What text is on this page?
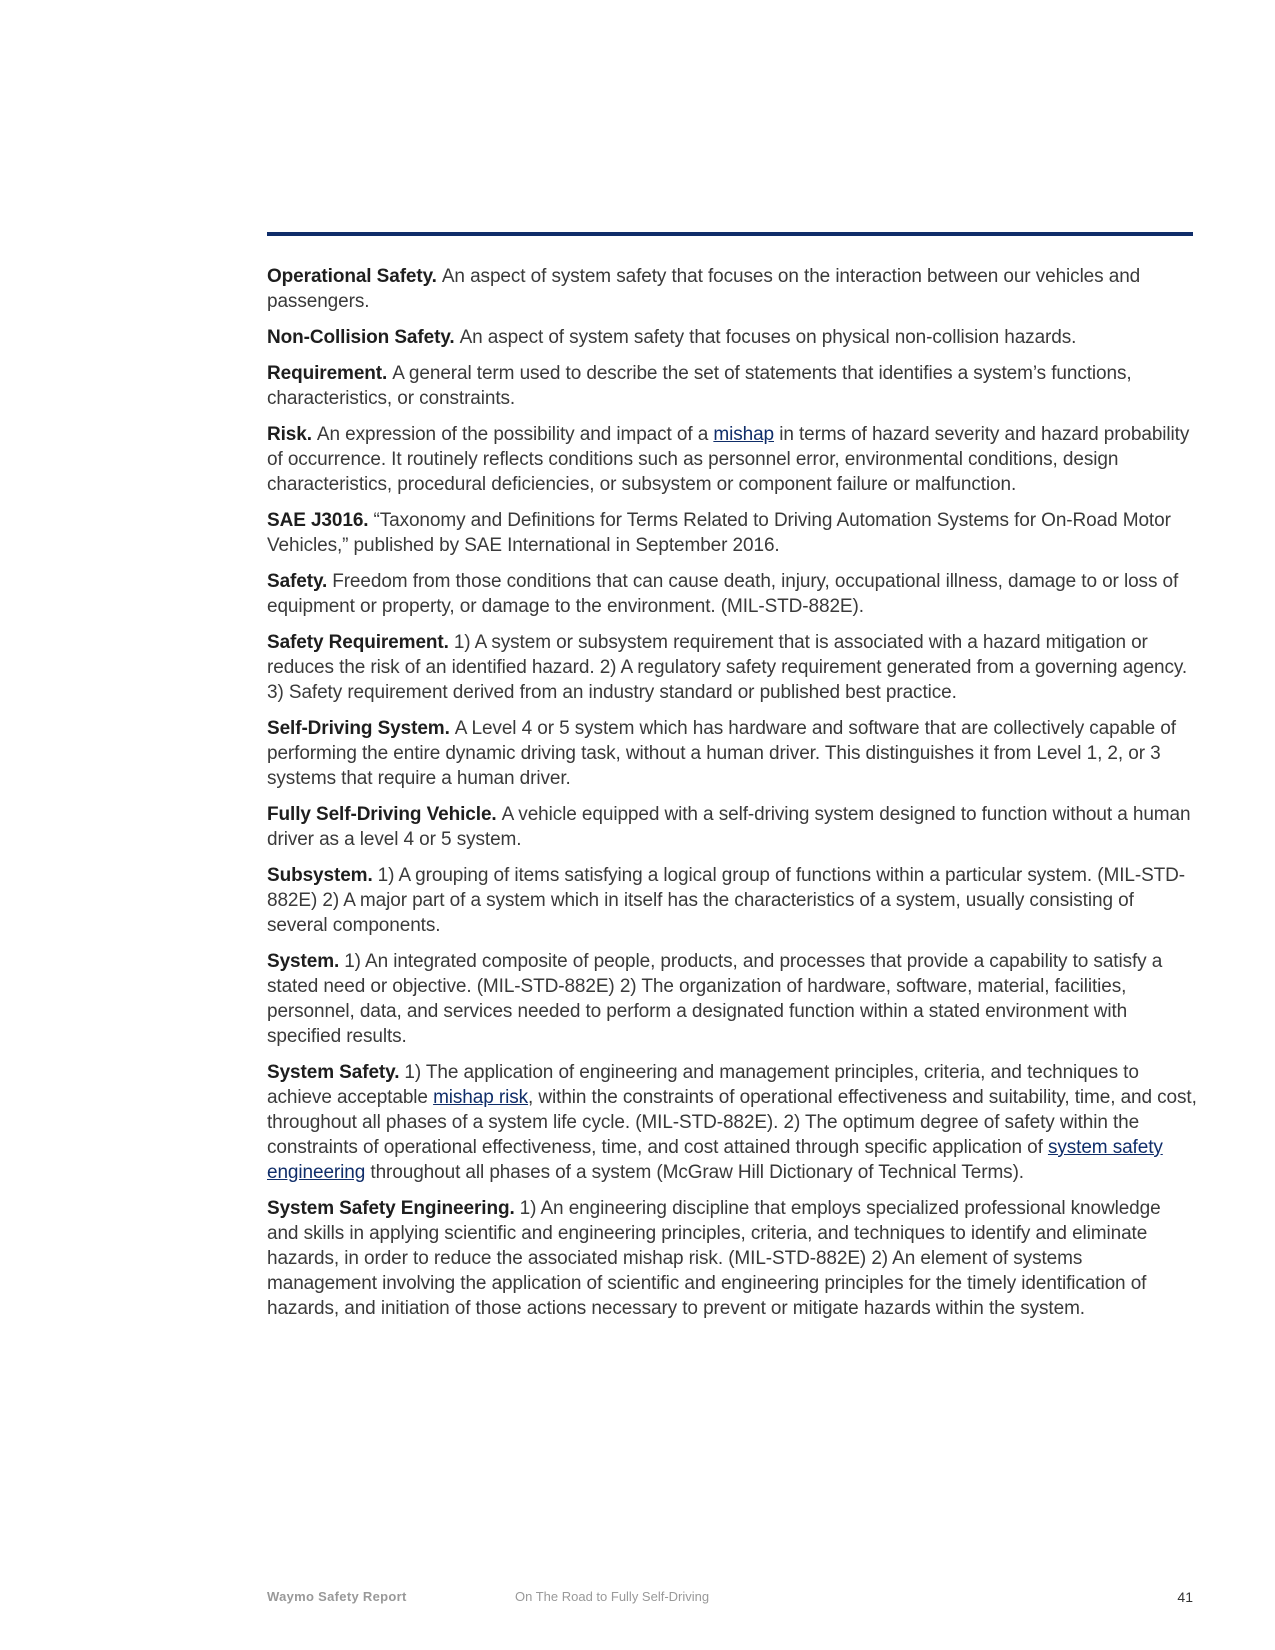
Operational Safety. An aspect of system safety that focuses on the interaction between our vehicles and passengers.

Non-Collision Safety. An aspect of system safety that focuses on physical non-collision hazards.

Requirement. A general term used to describe the set of statements that identifies a system’s functions, characteristics, or constraints.

Risk. An expression of the possibility and impact of a mishap in terms of hazard severity and hazard probability of occurrence. It routinely reflects conditions such as personnel error, environmental conditions, design characteristics, procedural deficiencies, or subsystem or component failure or malfunction.

SAE J3016. “Taxonomy and Definitions for Terms Related to Driving Automation Systems for On-Road Motor Vehicles,” published by SAE International in September 2016.

Safety. Freedom from those conditions that can cause death, injury, occupational illness, damage to or loss of equipment or property, or damage to the environment. (MIL-STD-882E).

Safety Requirement. 1) A system or subsystem requirement that is associated with a hazard mitigation or reduces the risk of an identified hazard. 2) A regulatory safety requirement generated from a governing agency. 3) Safety requirement derived from an industry standard or published best practice.

Self-Driving System. A Level 4 or 5 system which has hardware and software that are collectively capable of performing the entire dynamic driving task, without a human driver. This distinguishes it from Level 1, 2, or 3 systems that require a human driver.

Fully Self-Driving Vehicle. A vehicle equipped with a self-driving system designed to function without a human driver as a level 4 or 5 system.

Subsystem. 1) A grouping of items satisfying a logical group of functions within a particular system. (MIL-STD-882E) 2) A major part of a system which in itself has the characteristics of a system, usually consisting of several components.

System. 1) An integrated composite of people, products, and processes that provide a capability to satisfy a stated need or objective. (MIL-STD-882E) 2) The organization of hardware, software, material, facilities, personnel, data, and services needed to perform a designated function within a stated environment with specified results.

System Safety. 1) The application of engineering and management principles, criteria, and techniques to achieve acceptable mishap risk, within the constraints of operational effectiveness and suitability, time, and cost, throughout all phases of a system life cycle. (MIL-STD-882E). 2) The optimum degree of safety within the constraints of operational effectiveness, time, and cost attained through specific application of system safety engineering throughout all phases of a system (McGraw Hill Dictionary of Technical Terms).

System Safety Engineering. 1) An engineering discipline that employs specialized professional knowledge and skills in applying scientific and engineering principles, criteria, and techniques to identify and eliminate hazards, in order to reduce the associated mishap risk. (MIL-STD-882E) 2) An element of systems management involving the application of scientific and engineering principles for the timely identification of hazards, and initiation of those actions necessary to prevent or mitigate hazards within the system.

Waymo Safety Report	On The Road to Fully Self-Driving	41
